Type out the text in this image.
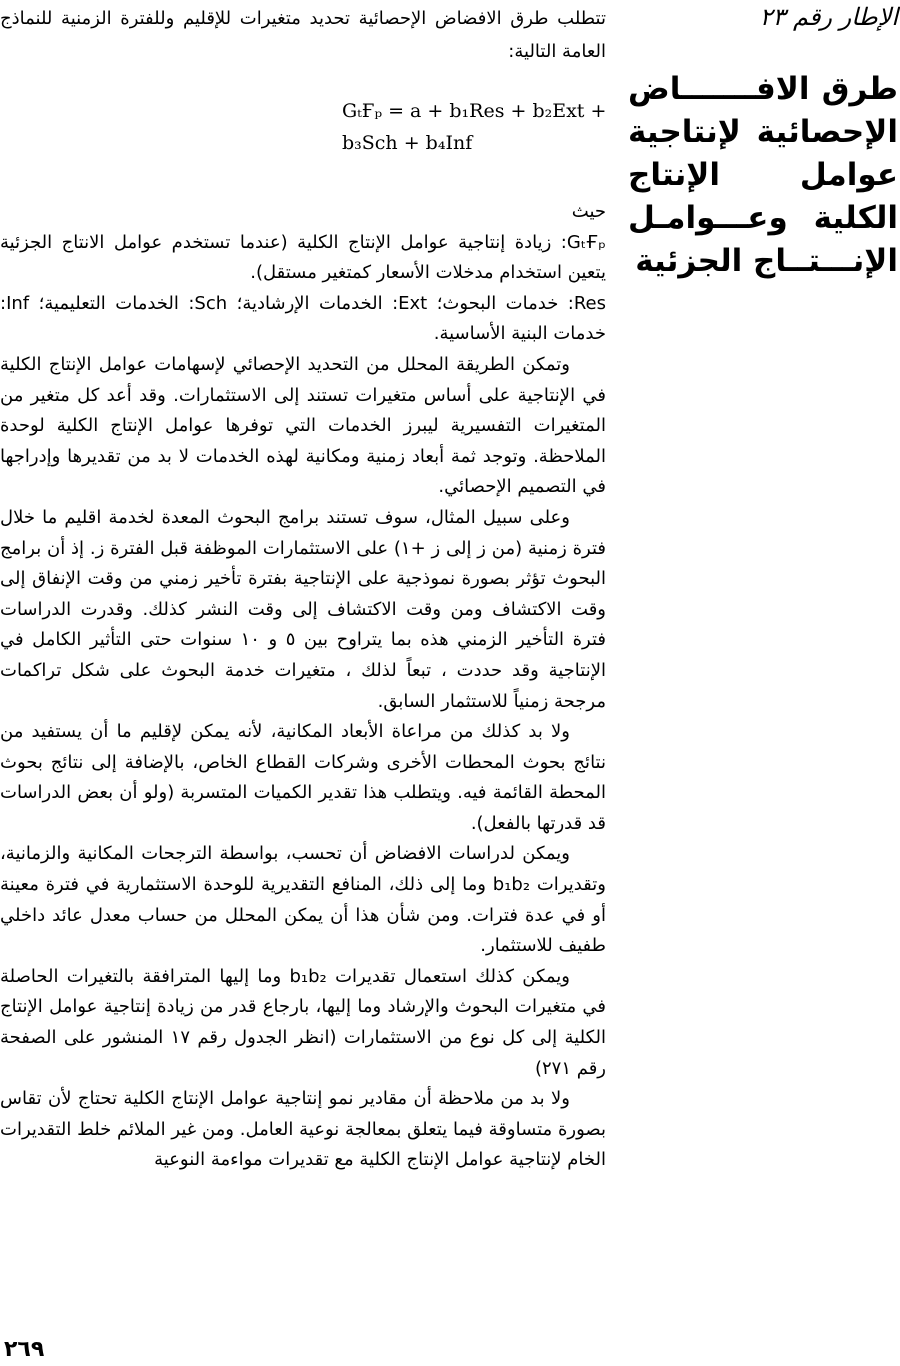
الإطار رقم ٢٣
طرق الافـــــــاض الإحصائية لإنتاجية عوامل الإنتاج الكلية وعـــوامـل الإنـــتــاج الجزئية

تتطلب طرق الافضاض الإحصائية تحديد متغيرات للإقليم وللفترة الزمنية للنماذج العامة التالية:

GₜҒₚ = a + b₁Res + b₂Ext +
b₃Sch + b₄Inf

حيث

GₜҒₚ: زيادة إنتاجية عوامل الإنتاج الكلية (عندما تستخدم عوامل الانتاج الجزئية يتعين استخدام مدخلات الأسعار كمتغير مستقل).

Res: خدمات البحوث؛ Ext: الخدمات الإرشادية؛ Sch: الخدمات التعليمية؛ Inf: خدمات البنية الأساسية.

وتمكن الطريقة المحلل من التحديد الإحصائي لإسهامات عوامل الإنتاج الكلية في الإنتاجية على أساس متغيرات تستند إلى الاستثمارات. وقد أعد كل متغير من المتغيرات التفسيرية ليبرز الخدمات التي توفرها عوامل الإنتاج الكلية لوحدة الملاحظة. وتوجد ثمة أبعاد زمنية ومكانية لهذه الخدمات لا بد من تقديرها وإدراجها في التصميم الإحصائي.

وعلى سبيل المثال، سوف تستند برامج البحوث المعدة لخدمة اقليم ما خلال فترة زمنية (من ز إلى ز +١) على الاستثمارات الموظفة قبل الفترة ز. إذ أن برامج البحوث تؤثر بصورة نموذجية على الإنتاجية بفترة تأخير زمني من وقت الإنفاق إلى وقت الاكتشاف ومن وقت الاكتشاف إلى وقت النشر كذلك. وقدرت الدراسات فترة التأخير الزمني هذه بما يتراوح بين ٥ و ١٠ سنوات حتى التأثير الكامل في الإنتاجية وقد حددت ، تبعاً لذلك ، متغيرات خدمة البحوث على شكل تراكمات مرجحة زمنياً للاستثمار السابق.

ولا بد كذلك من مراعاة الأبعاد المكانية، لأنه يمكن لإقليم ما أن يستفيد من نتائج بحوث المحطات الأخرى وشركات القطاع الخاص، بالإضافة إلى نتائج بحوث المحطة القائمة فيه. ويتطلب هذا تقدير الكميات المتسربة (ولو أن بعض الدراسات قد قدرتها بالفعل).

ويمكن لدراسات الافضاض أن تحسب، بواسطة الترجحات المكانية والزمانية، وتقديرات b₁b₂ وما إلى ذلك، المنافع التقديرية للوحدة الاستثمارية في فترة معينة أو في عدة فترات. ومن شأن هذا أن يمكن المحلل من حساب معدل عائد داخلي طفيف للاستثمار.

ويمكن كذلك استعمال تقديرات b₁b₂ وما إليها المترافقة بالتغيرات الحاصلة في متغيرات البحوث والإرشاد وما إليها، بارجاع قدر من زيادة إنتاجية عوامل الإنتاج الكلية إلى كل نوع من الاستثمارات (انظر الجدول رقم ١٧ المنشور على الصفحة رقم ٢٧١)

ولا بد من ملاحظة أن مقادير نمو إنتاجية عوامل الإنتاج الكلية تحتاج لأن تقاس بصورة متساوقة فيما يتعلق بمعالجة نوعية العامل. ومن غير الملائم خلط التقديرات الخام لإنتاجية عوامل الإنتاج الكلية مع تقديرات مواءمة النوعية

٢٦٩
